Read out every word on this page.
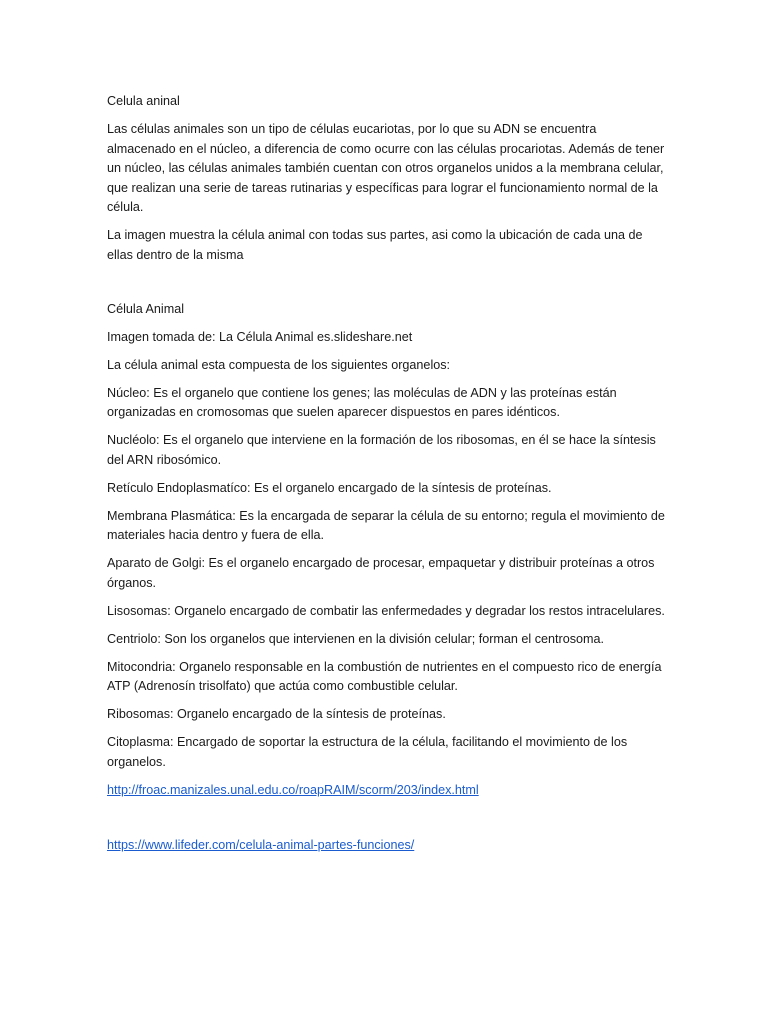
Celula aninal

Las células animales son un tipo de células eucariotas, por lo que su ADN se encuentra almacenado en el núcleo, a diferencia de como ocurre con las células procariotas. Además de tener un núcleo, las células animales también cuentan con otros organelos unidos a la membrana celular, que realizan una serie de tareas rutinarias y específicas para lograr el funcionamiento normal de la célula.

La imagen muestra la célula animal con todas sus partes, asi como la ubicación de cada una de ellas dentro de la misma

Célula Animal

Imagen tomada de: La Célula Animal es.slideshare.net

La célula animal esta compuesta de los siguientes organelos:

Núcleo: Es el organelo que contiene los genes; las moléculas de ADN y las proteínas están organizadas en cromosomas que suelen aparecer dispuestos en pares idénticos.

Nucléolo: Es el organelo que interviene en la formación de los ribosomas, en él se hace la síntesis del ARN ribosómico.

Retículo Endoplasmatíco: Es el organelo encargado de la síntesis de proteínas.

Membrana Plasmática: Es la encargada de separar la célula de su entorno; regula el movimiento de materiales hacia dentro y fuera de ella.

Aparato de Golgi: Es el organelo encargado de procesar, empaquetar y distribuir proteínas a otros órganos.

Lisosomas: Organelo encargado de combatir las enfermedades y degradar los restos intracelulares.

Centriolo: Son los organelos que intervienen en la división celular; forman el centrosoma.

Mitocondria: Organelo responsable en la combustión de nutrientes en el compuesto rico de energía ATP (Adrenosín trisolfato) que actúa como combustible celular.

Ribosomas: Organelo encargado de la síntesis de proteínas.

Citoplasma: Encargado de soportar la estructura de la célula, facilitando el movimiento de los organelos.

http://froac.manizales.unal.edu.co/roapRAIM/scorm/203/index.html

https://www.lifeder.com/celula-animal-partes-funciones/
